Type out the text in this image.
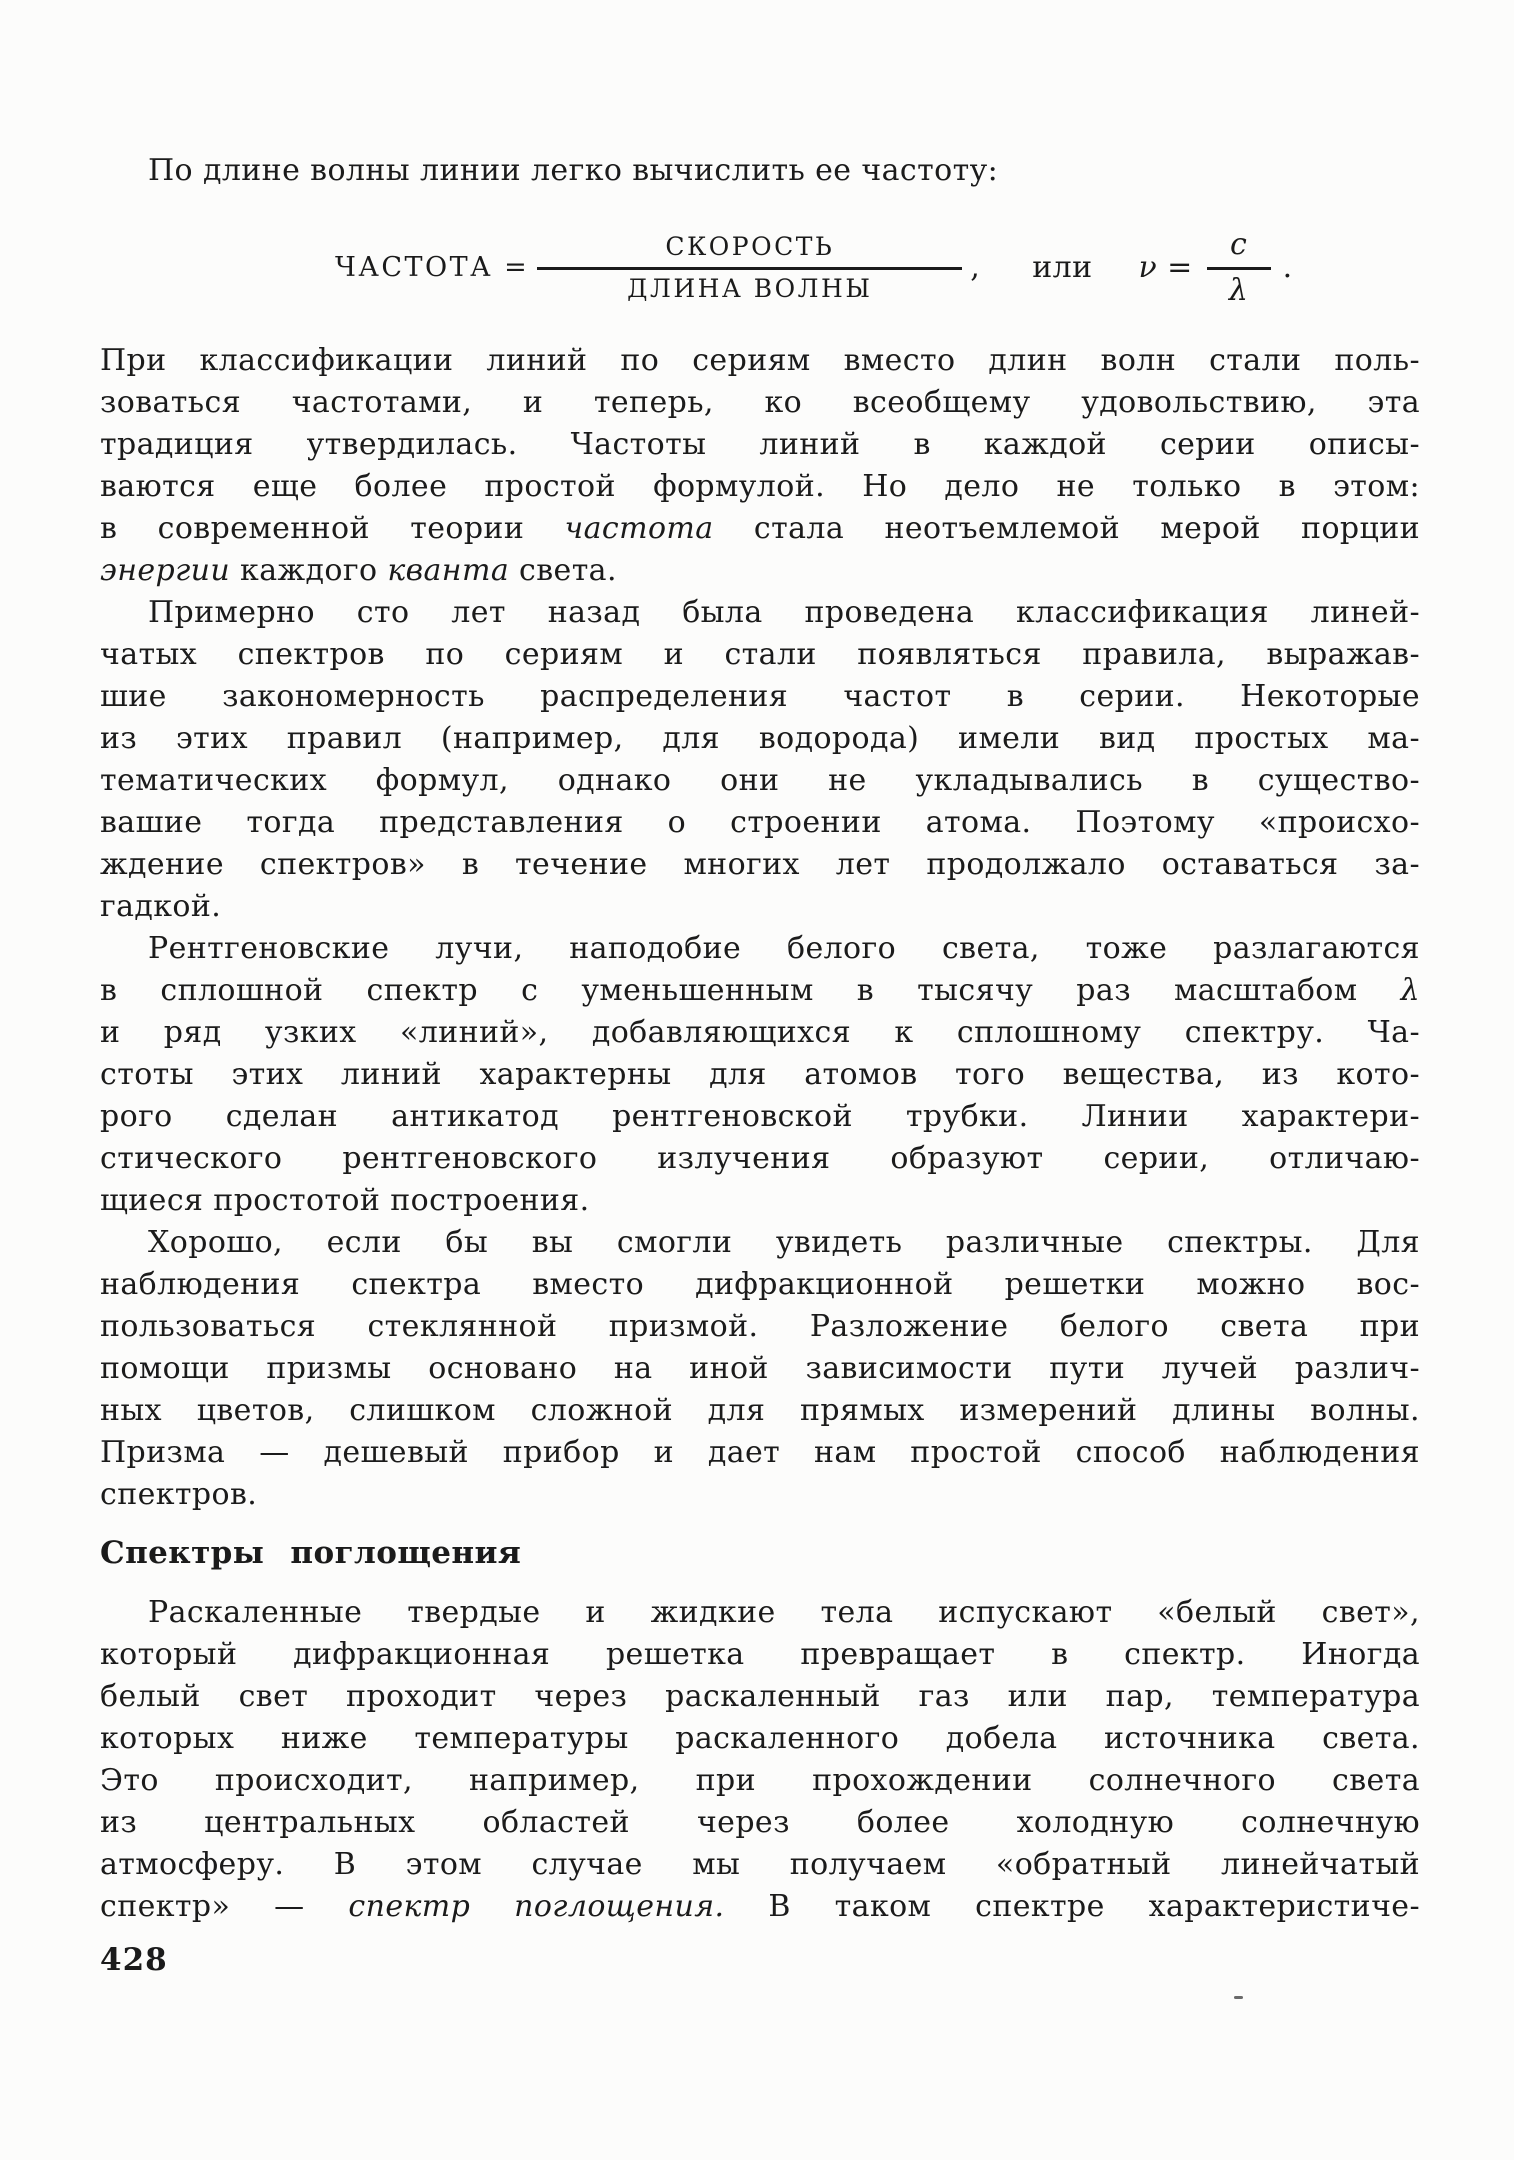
По длине волны линии легко вычислить ее частоту:

ЧАСТОТА = $\frac{\text{СКОРОСТЬ}}{\text{ДЛИНА ВОЛНЫ}}$ , или $\nu = \frac{c}{\lambda}$ .
При классификации линий по сериям вместо длин волн стали поль-
зоваться частотами, и теперь, ко всеобщему удовольствию, эта
традиция утвердилась. Частоты линий в каждой серии описы-
ваются еще более простой формулой. Но дело не только в этом:
в современной теории частота стала неотъемлемой мерой порции
энергии каждого кванта света.
Примерно сто лет назад была проведена классификация линей-
чатых спектров по сериям и стали появляться правила, выражав-
шие закономерность распределения частот в серии. Некоторые
из этих правил (например, для водорода) имели вид простых ма-
тематических формул, однако они не укладывались в существо-
вашие тогда представления о строении атома. Поэтому «происхо-
ждение спектров» в течение многих лет продолжало оставаться за-
гадкой.
Рентгеновские лучи, наподобие белого света, тоже разлагаются
в сплошной спектр с уменьшенным в тысячу раз масштабом λ
и ряд узких «линий», добавляющихся к сплошному спектру. Ча-
стоты этих линий характерны для атомов того вещества, из кото-
рого сделан антикатод рентгеновской трубки. Линии характери-
стического рентгеновского излучения образуют серии, отличаю-
щиеся простотой построения.
Хорошо, если бы вы смогли увидеть различные спектры. Для
наблюдения спектра вместо дифракционной решетки можно вос-
пользоваться стеклянной призмой. Разложение белого света при
помощи призмы основано на иной зависимости пути лучей различ-
ных цветов, слишком сложной для прямых измерений длины волны.
Призма — дешевый прибор и дает нам простой способ наблюдения
спектров.
Спектры поглощения
Раскаленные твердые и жидкие тела испускают «белый свет»,
который дифракционная решетка превращает в спектр. Иногда
белый свет проходит через раскаленный газ или пар, температура
которых ниже температуры раскаленного добела источника света.
Это происходит, например, при прохождении солнечного света
из центральных областей через более холодную солнечную
атмосферу. В этом случае мы получаем «обратный линейчатый
спектр» — спектр поглощения. В таком спектре характеристиче-
428
